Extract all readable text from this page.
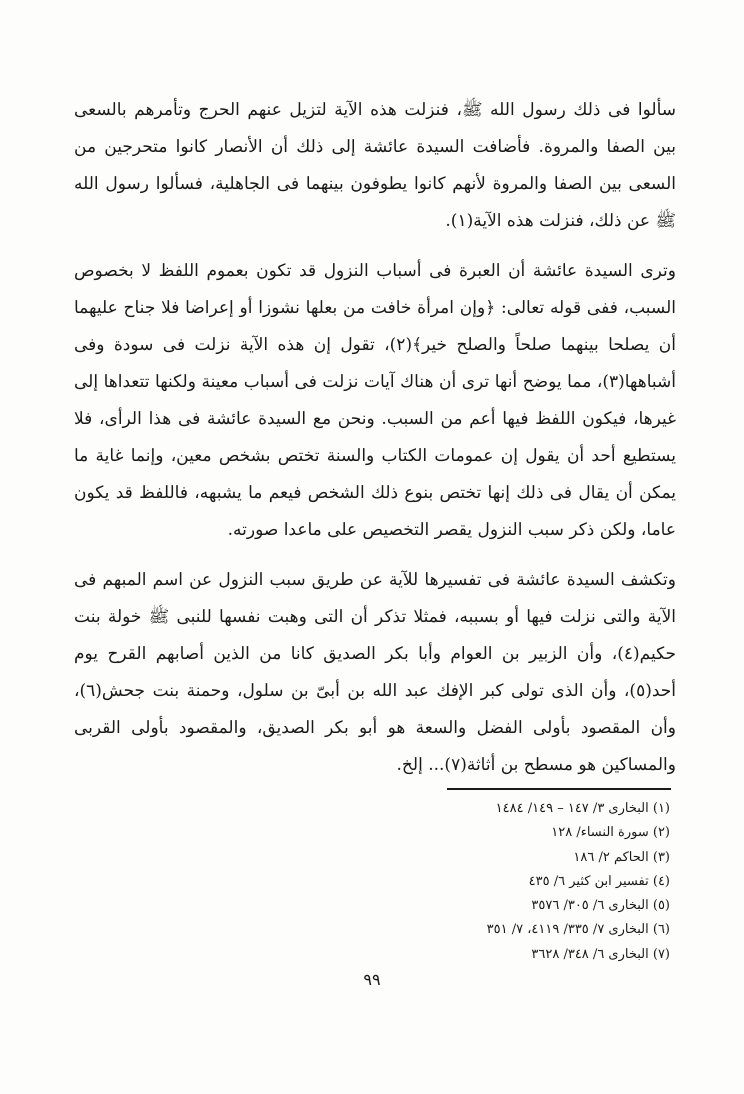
سألوا فى ذلك رسول الله ﷺ، فنزلت هذه الآية لتزيل عنهم الحرج وتأمرهم بالسعى بين الصفا والمروة. فأضافت السيدة عائشة إلى ذلك أن الأنصار كانوا متحرجين من السعى بين الصفا والمروة لأنهم كانوا يطوفون بينهما فى الجاهلية، فسألوا رسول الله ﷺ عن ذلك، فنزلت هذه الآية(١).

وترى السيدة عائشة أن العبرة فى أسباب النزول قد تكون بعموم اللفظ لا بخصوص السبب، ففى قوله تعالى: ﴿وإن امرأة خافت من بعلها نشوزا أو إعراضا فلا جناح عليهما أن يصلحا بينهما صلحاً والصلح خير﴾(٢)، تقول إن هذه الآية نزلت فى سودة وفى أشباهها(٣)، مما يوضح أنها ترى أن هناك آيات نزلت فى أسباب معينة ولكنها تتعداها إلى غيرها، فيكون اللفظ فيها أعم من السبب. ونحن مع السيدة عائشة فى هذا الرأى، فلا يستطيع أحد أن يقول إن عمومات الكتاب والسنة تختص بشخص معين، وإنما غاية ما يمكن أن يقال فى ذلك إنها تختص بنوع ذلك الشخص فيعم ما يشبهه، فاللفظ قد يكون عاما، ولكن ذكر سبب النزول يقصر التخصيص على ماعدا صورته.

وتكشف السيدة عائشة فى تفسيرها للآية عن طريق سبب النزول عن اسم المبهم فى الآية والتى نزلت فيها أو بسببه، فمثلا تذكر أن التى وهبت نفسها للنبى ﷺ خولة بنت حكيم(٤)، وأن الزبير بن العوام وأبا بكر الصديق كانا من الذين أصابهم القرح يوم أحد(٥)، وأن الذى تولى كبر الإفك عبد الله بن أبىّ بن سلول، وحمنة بنت جحش(٦)، وأن المقصود بأولى الفضل والسعة هو أبو بكر الصديق، والمقصود بأولى القربى والمساكين هو مسطح بن أثاثة(٧)... إلخ.

(١) البخارى ٣/ ١٤٧ – ١٤٩/ ١٤٨٤

(٢) سورة النساء/ ١٢٨

(٣) الحاكم ٢/ ١٨٦

(٤) تفسير ابن كثير ٦/ ٤٣٥

(٥) البخارى ٦/ ٣٠٥/ ٣٥٧٦

(٦) البخارى ٧/ ٣٣٥/ ٤١١٩، ٧/ ٣٥١

(٧) البخارى ٦/ ٣٤٨/ ٣٦٢٨

٩٩
